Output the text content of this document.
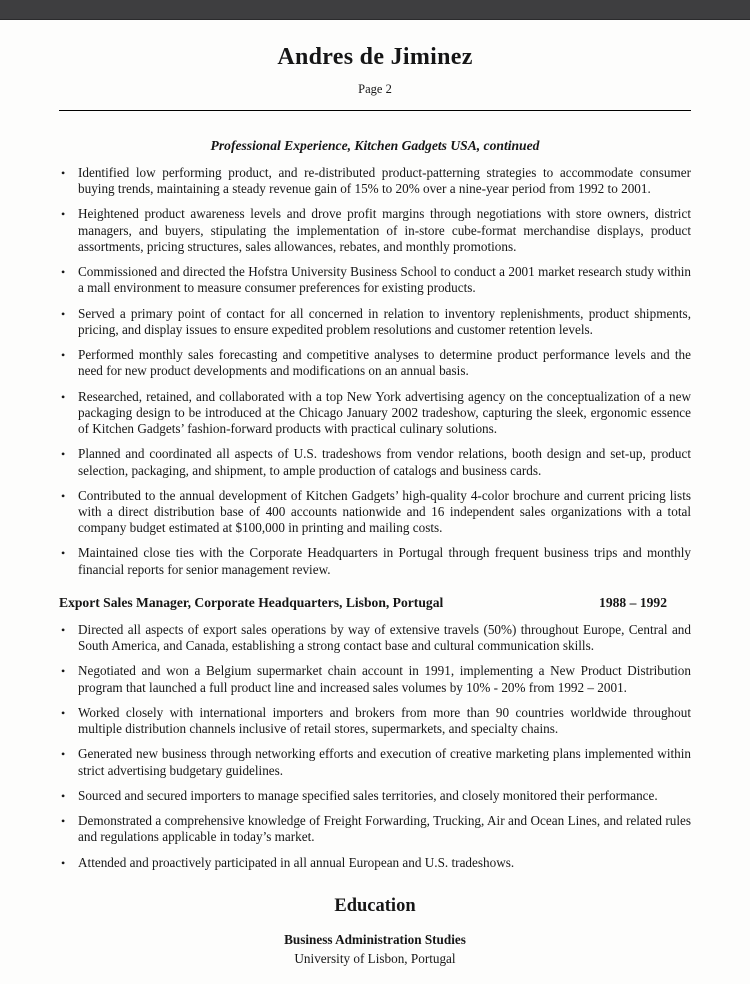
Andres de Jiminez
Page 2
Professional Experience, Kitchen Gadgets USA, continued
• Identified low performing product, and re-distributed product-patterning strategies to accommodate consumer buying trends, maintaining a steady revenue gain of 15% to 20% over a nine-year period from 1992 to 2001.
• Heightened product awareness levels and drove profit margins through negotiations with store owners, district managers, and buyers, stipulating the implementation of in-store cube-format merchandise displays, product assortments, pricing structures, sales allowances, rebates, and monthly promotions.
• Commissioned and directed the Hofstra University Business School to conduct a 2001 market research study within a mall environment to measure consumer preferences for existing products.
• Served a primary point of contact for all concerned in relation to inventory replenishments, product shipments, pricing, and display issues to ensure expedited problem resolutions and customer retention levels.
• Performed monthly sales forecasting and competitive analyses to determine product performance levels and the need for new product developments and modifications on an annual basis.
• Researched, retained, and collaborated with a top New York advertising agency on the conceptualization of a new packaging design to be introduced at the Chicago January 2002 tradeshow, capturing the sleek, ergonomic essence of Kitchen Gadgets’ fashion-forward products with practical culinary solutions.
• Planned and coordinated all aspects of U.S. tradeshows from vendor relations, booth design and set-up, product selection, packaging, and shipment, to ample production of catalogs and business cards.
• Contributed to the annual development of Kitchen Gadgets’ high-quality 4-color brochure and current pricing lists with a direct distribution base of 400 accounts nationwide and 16 independent sales organizations with a total company budget estimated at $100,000 in printing and mailing costs.
• Maintained close ties with the Corporate Headquarters in Portugal through frequent business trips and monthly financial reports for senior management review.
Export Sales Manager, Corporate Headquarters, Lisbon, Portugal	1988 – 1992
• Directed all aspects of export sales operations by way of extensive travels (50%) throughout Europe, Central and South America, and Canada, establishing a strong contact base and cultural communication skills.
• Negotiated and won a Belgium supermarket chain account in 1991, implementing a New Product Distribution program that launched a full product line and increased sales volumes by 10% - 20% from 1992 – 2001.
• Worked closely with international importers and brokers from more than 90 countries worldwide throughout multiple distribution channels inclusive of retail stores, supermarkets, and specialty chains.
• Generated new business through networking efforts and execution of creative marketing plans implemented within strict advertising budgetary guidelines.
• Sourced and secured importers to manage specified sales territories, and closely monitored their performance.
• Demonstrated a comprehensive knowledge of Freight Forwarding, Trucking, Air and Ocean Lines, and related rules and regulations applicable in today’s market.
• Attended and proactively participated in all annual European and U.S. tradeshows.
Education
Business Administration Studies
University of Lisbon, Portugal
